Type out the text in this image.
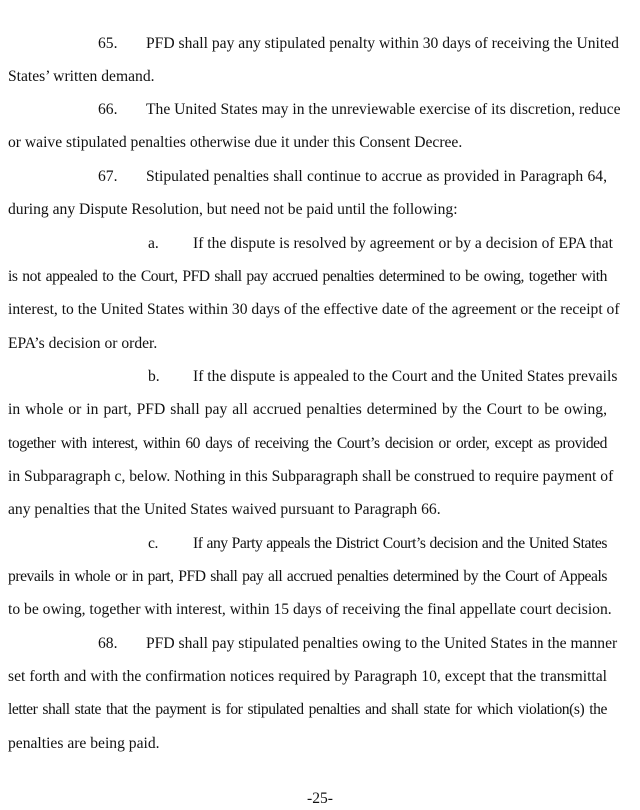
65. PFD shall pay any stipulated penalty within 30 days of receiving the United
States’ written demand.
66. The United States may in the unreviewable exercise of its discretion, reduce
or waive stipulated penalties otherwise due it under this Consent Decree.
67. Stipulated penalties shall continue to accrue as provided in Paragraph 64,
during any Dispute Resolution, but need not be paid until the following:
a. If the dispute is resolved by agreement or by a decision of EPA that
is not appealed to the Court, PFD shall pay accrued penalties determined to be owing, together with
interest, to the United States within 30 days of the effective date of the agreement or the receipt of
EPA’s decision or order.
b. If the dispute is appealed to the Court and the United States prevails
in whole or in part, PFD shall pay all accrued penalties determined by the Court to be owing,
together with interest, within 60 days of receiving the Court’s decision or order, except as provided
in Subparagraph c, below. Nothing in this Subparagraph shall be construed to require payment of
any penalties that the United States waived pursuant to Paragraph 66.
c. If any Party appeals the District Court’s decision and the United States
prevails in whole or in part, PFD shall pay all accrued penalties determined by the Court of Appeals
to be owing, together with interest, within 15 days of receiving the final appellate court decision.
68. PFD shall pay stipulated penalties owing to the United States in the manner
set forth and with the confirmation notices required by Paragraph 10, except that the transmittal
letter shall state that the payment is for stipulated penalties and shall state for which violation(s) the
penalties are being paid.
-25-
